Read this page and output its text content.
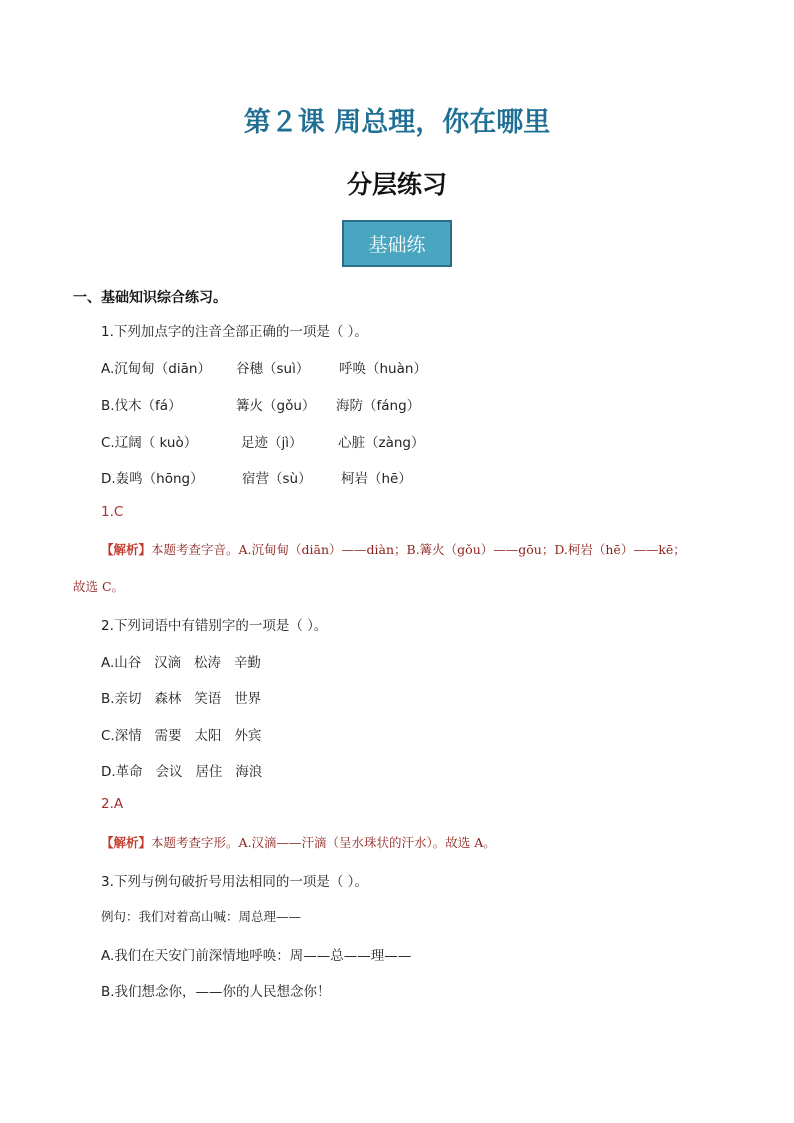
第２课 周总理，你在哪里
分层练习
基础练
一、基础知识综合练习。
1.下列加点字的注音全部正确的一项是（ ）。
A.沉甸甸（diān） 谷穗（suì） 呼唤（huàn）
B.伐木（fá）	篝火（gǒu） 海防（fáng）
C.辽阔（ kuò）	足迹（jì）	心脏（zàng）
D.轰鸣（hōng）	宿营（sù） 柯岩（hē）
1.C
【解析】本题考查字音。A.沉甸甸（diān）——diàn；B.篝火（gǒu）——gōu；D.柯岩（hē）——kē；
故选 C。
2.下列词语中有错别字的一项是（ ）。
A.山谷 汉滴 松涛 辛勤
B.亲切 森林 笑语 世界
C.深情 需要 太阳 外宾
D.革命 会议 居住 海浪
2.A
【解析】本题考查字形。A.汉滴——汗滴（呈水珠状的汗水）。故选 A。
3.下列与例句破折号用法相同的一项是（ ）。
例句：我们对着高山喊：周总理——
A.我们在天安门前深情地呼唤：周——总——理——
B.我们想念你，——你的人民想念你！
